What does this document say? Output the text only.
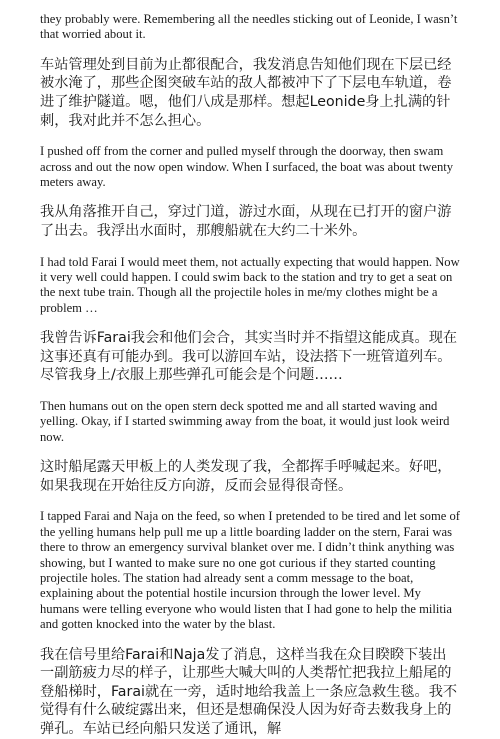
they probably were. Remembering all the needles sticking out of Leonide, I wasn’t that worried about it.

车站管理处到目前为止都很配合，我发消息告知他们现在下层已经被水淹了，那些企图突破车站的敌人都被冲下了下层电车轨道，卷进了维护隧道。嗯，他们八成是那样。想起Leonide身上扎满的针刺，我对此并不怎么担心。

I pushed off from the corner and pulled myself through the doorway, then swam across and out the now open window. When I surfaced, the boat was about twenty meters away.

我从角落推开自己，穿过门道，游过水面，从现在已打开的窗户游了出去。我浮出水面时，那艘船就在大约二十米外。

I had told Farai I would meet them, not actually expecting that would happen. Now it very well could happen. I could swim back to the station and try to get a seat on the next tube train. Though all the projectile holes in me/my clothes might be a problem …

我曾告诉Farai我会和他们会合，其实当时并不指望这能成真。现在这事还真有可能办到。我可以游回车站，设法搭下一班管道列车。尽管我身上/衣服上那些弹孔可能会是个问题……

Then humans out on the open stern deck spotted me and all started waving and yelling. Okay, if I started swimming away from the boat, it would just look weird now.

这时船尾露天甲板上的人类发现了我，全都挥手呼喊起来。好吧，如果我现在开始往反方向游，反而会显得很奇怪。

I tapped Farai and Naja on the feed, so when I pretended to be tired and let some of the yelling humans help pull me up a little boarding ladder on the stern, Farai was there to throw an emergency survival blanket over me. I didn’t think anything was showing, but I wanted to make sure no one got curious if they started counting projectile holes. The station had already sent a comm message to the boat, explaining about the potential hostile incursion through the lower level. My humans were telling everyone who would listen that I had gone to help the militia and gotten knocked into the water by the blast.

我在信号里给Farai和Naja发了消息，这样当我在众目睽睽下装出一副筋疲力尽的样子，让那些大喊大叫的人类帮忙把我拉上船尾的登船梯时，Farai就在一旁，适时地给我盖上一条应急救生毯。我不觉得有什么破绽露出来，但还是想确保没人因为好奇去数我身上的弹孔。车站已经向船只发送了通讯，解
